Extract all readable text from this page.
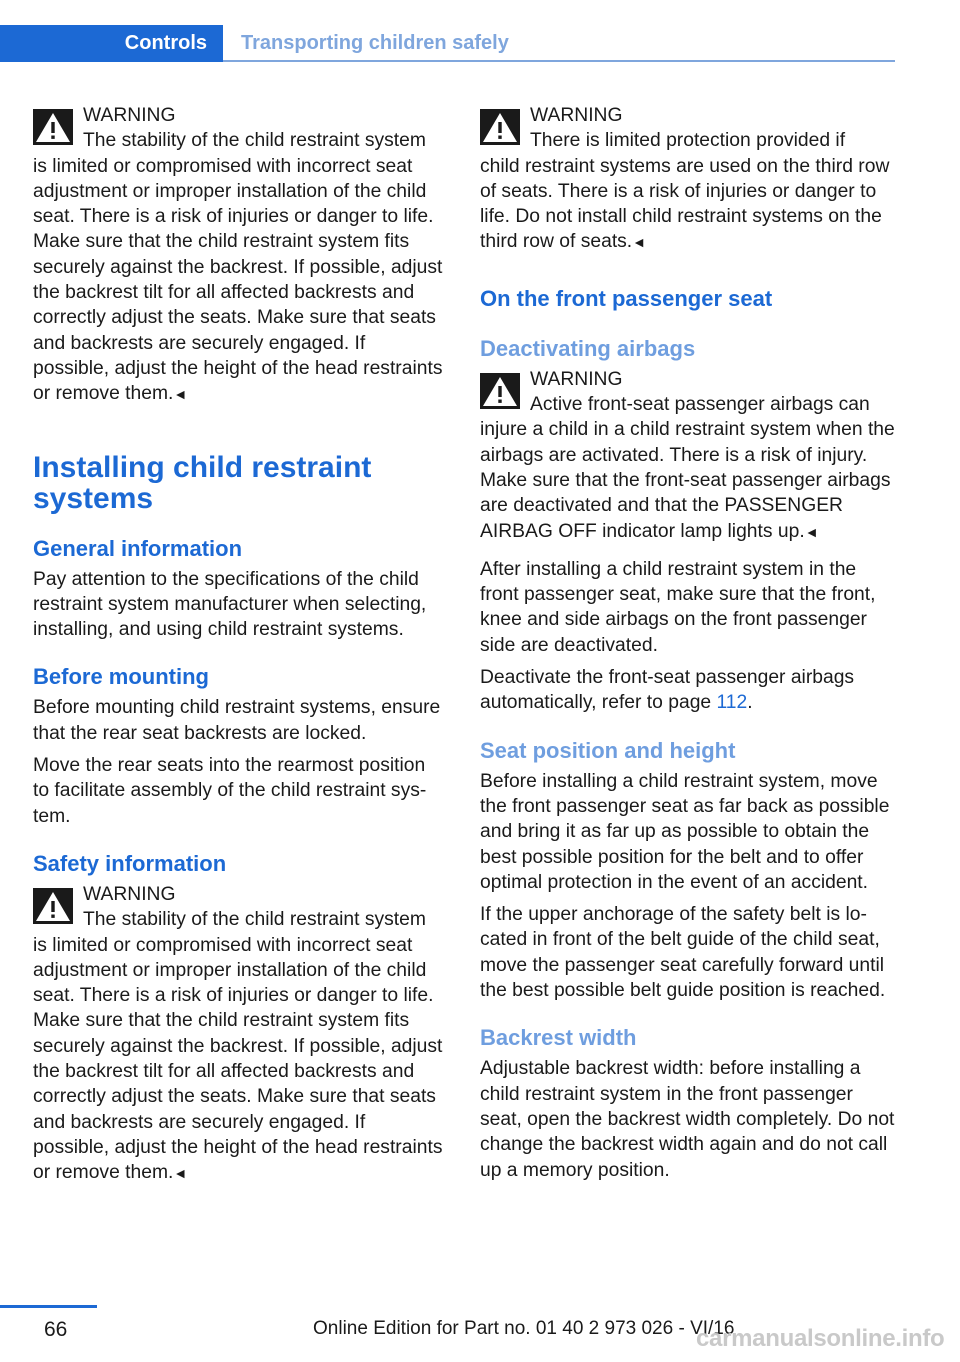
Controls	Transporting children safely
WARNING
The stability of the child restraint system

is limited or compromised with incorrect seat adjustment or improper installation of the child seat. There is a risk of injuries or danger to life. Make sure that the child restraint system fits securely against the backrest. If possible, adjust the backrest tilt for all affected backrests and correctly adjust the seats. Make sure that seats and backrests are securely engaged. If possible, adjust the height of the head restraints or remove them.◄

Installing child restraint systems
General information

Pay attention to the specifications of the child restraint system manufacturer when selecting, installing, and using child restraint systems.

Before mounting

Before mounting child restraint systems, ensure that the rear seat backrests are locked.

Move the rear seats into the rearmost position to facilitate assembly of the child restraint system.

Safety information
WARNING
The stability of the child restraint system

is limited or compromised with incorrect seat adjustment or improper installation of the child seat. There is a risk of injuries or danger to life. Make sure that the child restraint system fits securely against the backrest. If possible, adjust the backrest tilt for all affected backrests and correctly adjust the seats. Make sure that seats and backrests are securely engaged. If possible, adjust the height of the head restraints or remove them.◄

WARNING
There is limited protection provided if

child restraint systems are used on the third row of seats. There is a risk of injuries or danger to life. Do not install child restraint systems on the third row of seats.◄

On the front passenger seat
Deactivating airbags
WARNING
Active front-seat passenger airbags can

injure a child in a child restraint system when the airbags are activated. There is a risk of injury. Make sure that the front-seat passenger airbags are deactivated and that the PASSENGER AIRBAG OFF indicator lamp lights up.◄

After installing a child restraint system in the front passenger seat, make sure that the front, knee and side airbags on the front passenger side are deactivated.

Deactivate the front-seat passenger airbags automatically, refer to page 112.

Seat position and height

Before installing a child restraint system, move the front passenger seat as far back as possible and bring it as far up as possible to obtain the best possible position for the belt and to offer optimal protection in the event of an accident.

If the upper anchorage of the safety belt is located in front of the belt guide of the child seat, move the passenger seat carefully forward until the best possible belt guide position is reached.

Backrest width

Adjustable backrest width: before installing a child restraint system in the front passenger seat, open the backrest width completely. Do not change the backrest width again and do not call up a memory position.

66	Online Edition for Part no. 01 40 2 973 026 - VI/16
carmanualsonline.info
